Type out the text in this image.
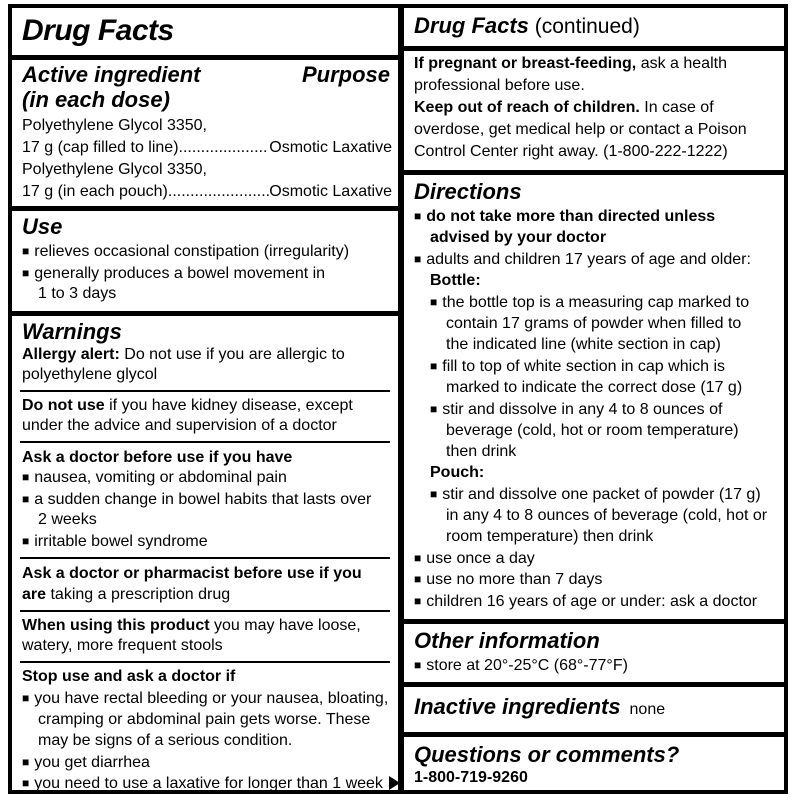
Drug Facts
Active ingredient	Purpose
(in each dose)
Polyethylene Glycol 3350,
17 g (cap filled to line) .....	Osmotic Laxative
Polyethylene Glycol 3350,
17 g (in each pouch) .....	Osmotic Laxative
Use
■ relieves occasional constipation (irregularity)
■ generally produces a bowel movement in
1 to 3 days
Warnings
Allergy alert: Do not use if you are allergic to
polyethylene glycol
Do not use if you have kidney disease, except
under the advice and supervision of a doctor
Ask a doctor before use if you have
■ nausea, vomiting or abdominal pain
■ a sudden change in bowel habits that lasts over
2 weeks
■ irritable bowel syndrome
Ask a doctor or pharmacist before use if you
are taking a prescription drug
When using this product you may have loose,
watery, more frequent stools
Stop use and ask a doctor if
■ you have rectal bleeding or your nausea, bloating,
cramping or abdominal pain gets worse. These
may be signs of a serious condition.
■ you get diarrhea
■ you need to use a laxative for longer than 1 week
Drug Facts (continued)
If pregnant or breast-feeding, ask a health
professional before use.
Keep out of reach of children. In case of
overdose, get medical help or contact a Poison
Control Center right away. (1-800-222-1222)
Directions
■ do not take more than directed unless
advised by your doctor
■ adults and children 17 years of age and older:
Bottle:
■ the bottle top is a measuring cap marked to
contain 17 grams of powder when filled to
the indicated line (white section in cap)
■ fill to top of white section in cap which is
marked to indicate the correct dose (17 g)
■ stir and dissolve in any 4 to 8 ounces of
beverage (cold, hot or room temperature)
then drink
Pouch:
■ stir and dissolve one packet of powder (17 g)
in any 4 to 8 ounces of beverage (cold, hot or
room temperature) then drink
■ use once a day
■ use no more than 7 days
■ children 16 years of age or under: ask a doctor
Other information
■ store at 20°-25°C (68°-77°F)
Inactive ingredients none
Questions or comments?
1-800-719-9260
